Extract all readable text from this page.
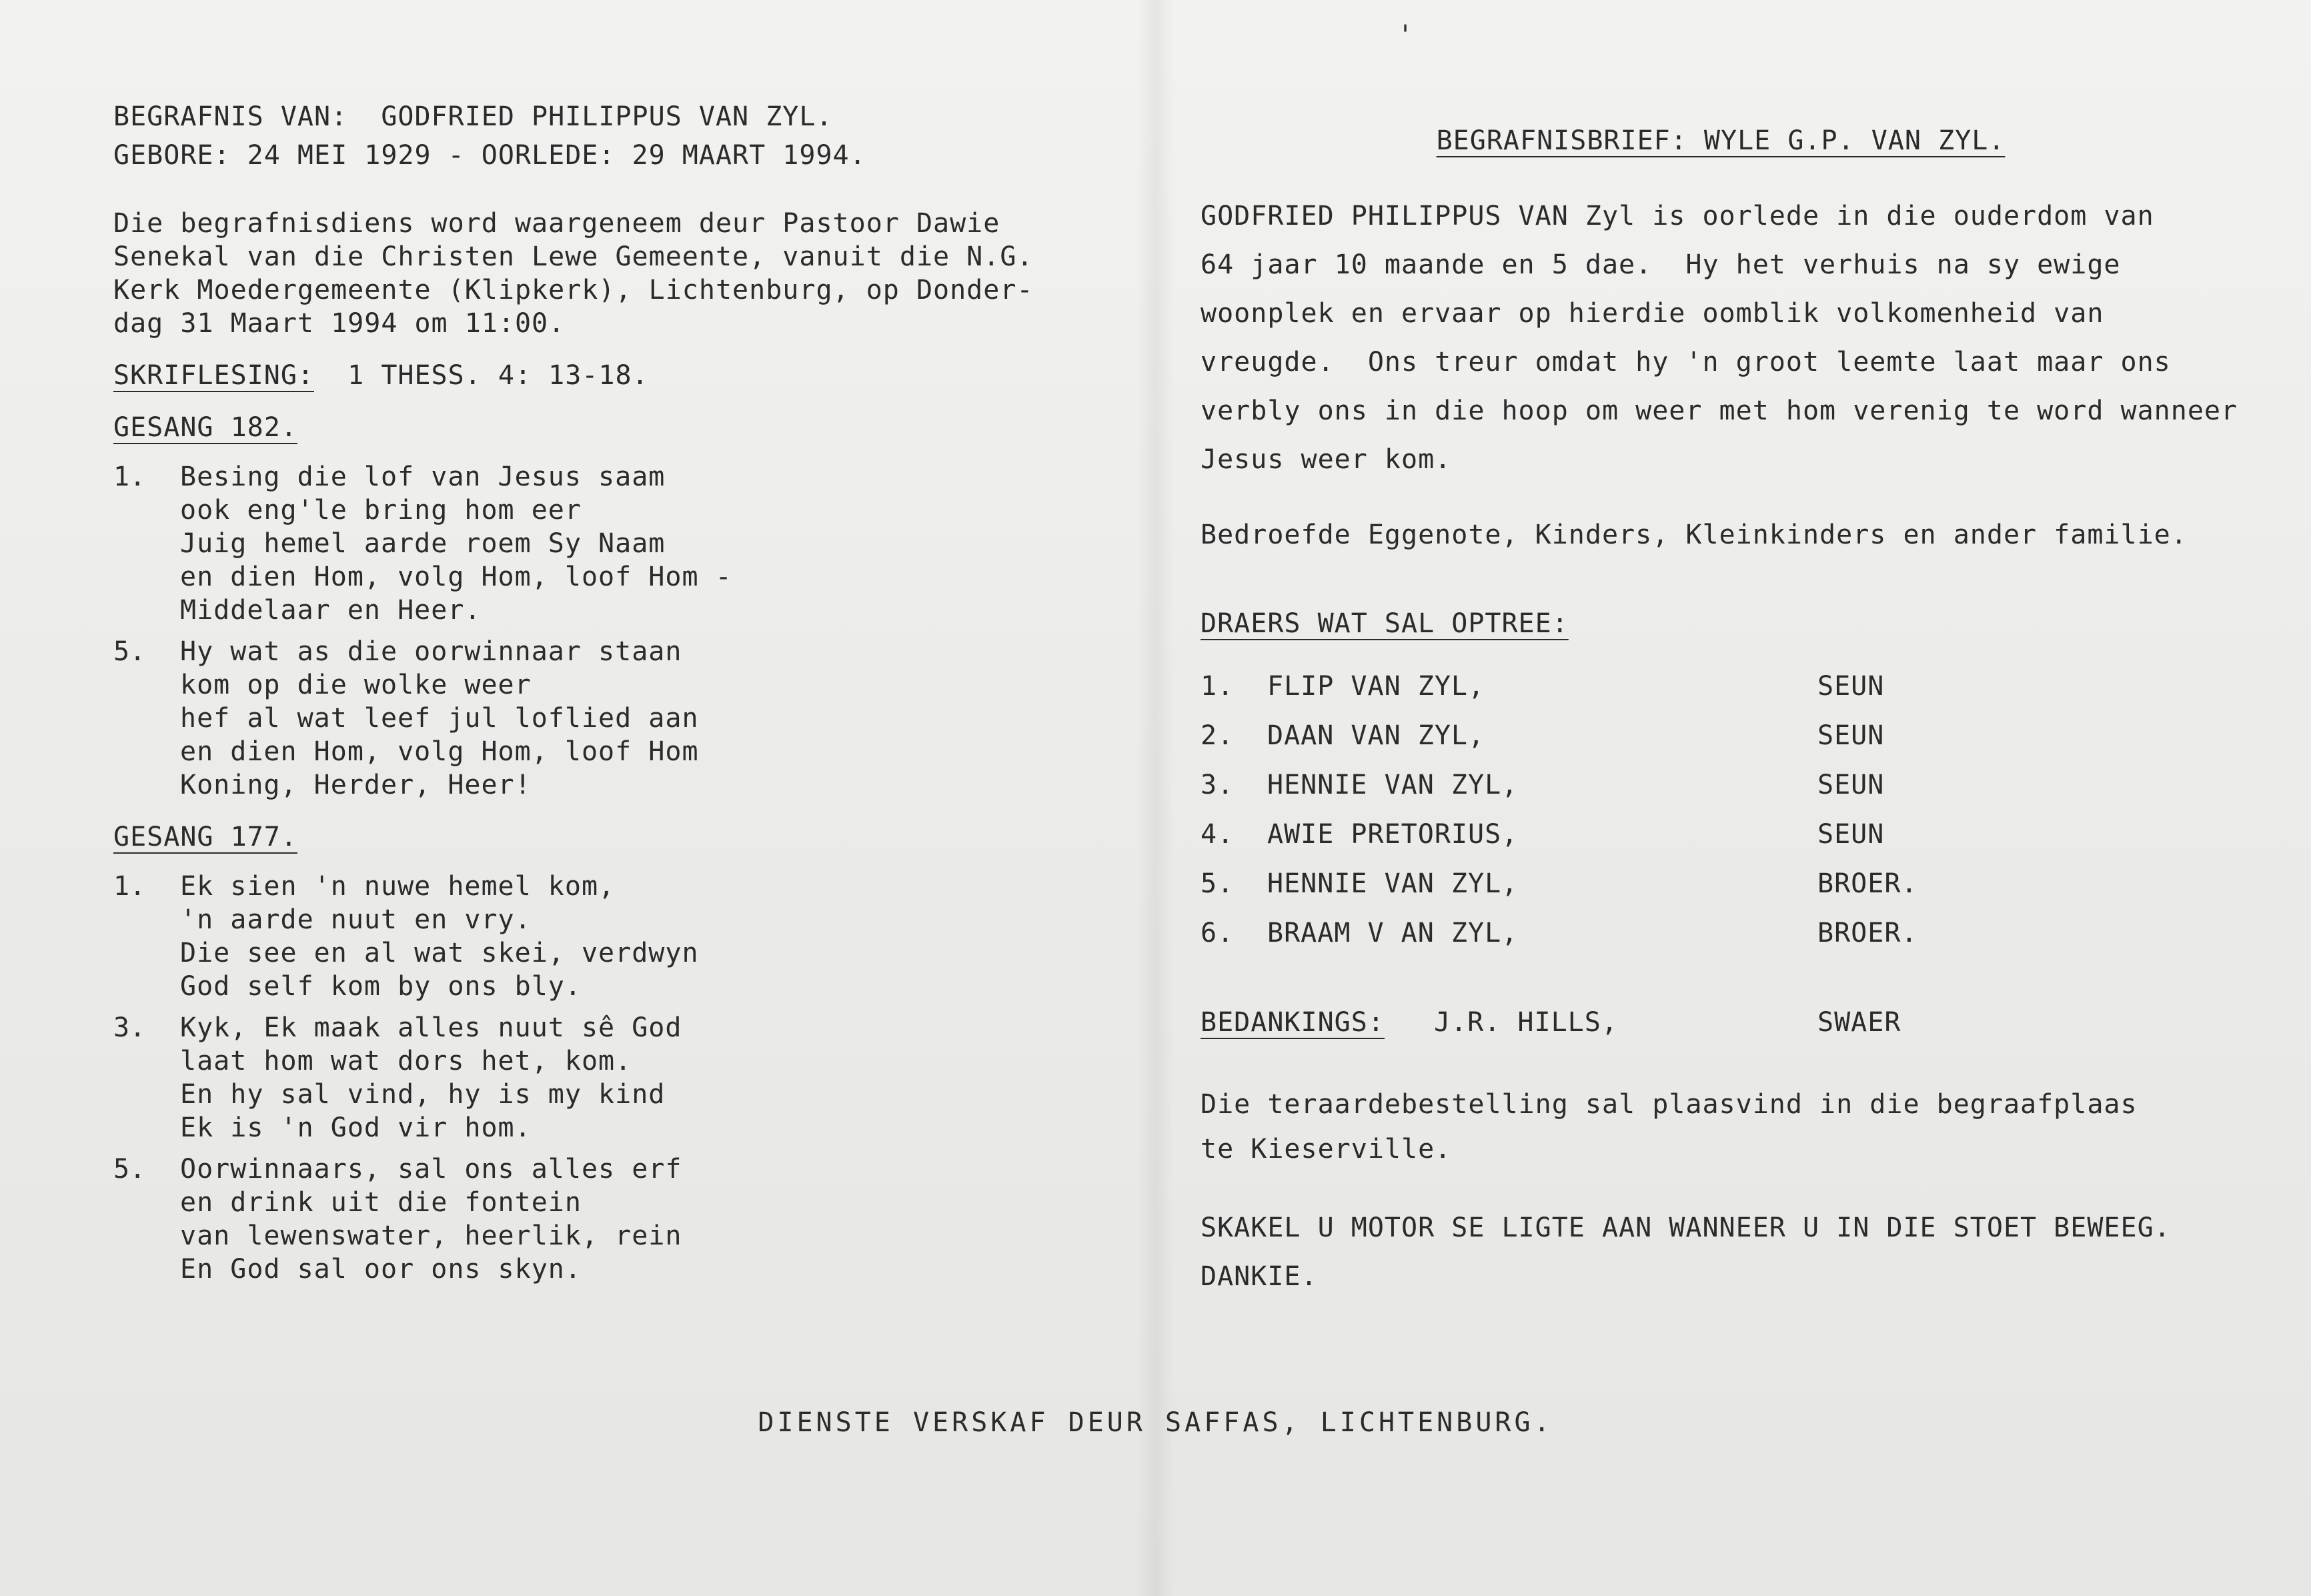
'
BEGRAFNIS VAN:  GODFRIED PHILIPPUS VAN ZYL.
GEBORE: 24 MEI 1929 - OORLEDE: 29 MAART 1994.
Die begrafnisdiens word waargeneem deur Pastoor Dawie
Senekal van die Christen Lewe Gemeente, vanuit die N.G.
Kerk Moedergemeente (Klipkerk), Lichtenburg, op Donder-
dag 31 Maart 1994 om 11:00.
SKRIFLESING:  1 THESS. 4: 13-18.
GESANG 182.
1.	Besing die lof van Jesus saam
ook eng'le bring hom eer
Juig hemel aarde roem Sy Naam
en dien Hom, volg Hom, loof Hom -
Middelaar en Heer.
5.	Hy wat as die oorwinnaar staan
kom op die wolke weer
hef al wat leef jul loflied aan
en dien Hom, volg Hom, loof Hom
Koning, Herder, Heer!
GESANG 177.
1.	Ek sien 'n nuwe hemel kom,
'n aarde nuut en vry.
Die see en al wat skei, verdwyn
God self kom by ons bly.
3.	Kyk, Ek maak alles nuut sê God
laat hom wat dors het, kom.
En hy sal vind, hy is my kind
Ek is 'n God vir hom.
5.	Oorwinnaars, sal ons alles erf
en drink uit die fontein
van lewenswater, heerlik, rein
En God sal oor ons skyn.
BEGRAFNISBRIEF: WYLE G.P. VAN ZYL.
GODFRIED PHILIPPUS VAN Zyl is oorlede in die ouderdom van
64 jaar 10 maande en 5 dae.  Hy het verhuis na sy ewige
woonplek en ervaar op hierdie oomblik volkomenheid van
vreugde.  Ons treur omdat hy 'n groot leemte laat maar ons
verbly ons in die hoop om weer met hom verenig te word wanneer
Jesus weer kom.
Bedroefde Eggenote, Kinders, Kleinkinders en ander familie.
DRAERS WAT SAL OPTREE:
1.	FLIP VAN ZYL,	SEUN
2.	DAAN VAN ZYL,	SEUN
3.	HENNIE VAN ZYL,	SEUN
4.	AWIE PRETORIUS,	SEUN
5.	HENNIE VAN ZYL,	BROER.
6.	BRAAM V AN ZYL,	BROER.
BEDANKINGS:	J.R. HILLS,	SWAER
Die teraardebestelling sal plaasvind in die begraafplaas
te Kieserville.
SKAKEL U MOTOR SE LIGTE AAN WANNEER U IN DIE STOET BEWEEG.
DANKIE.
DIENSTE VERSKAF DEUR SAFFAS, LICHTENBURG.
